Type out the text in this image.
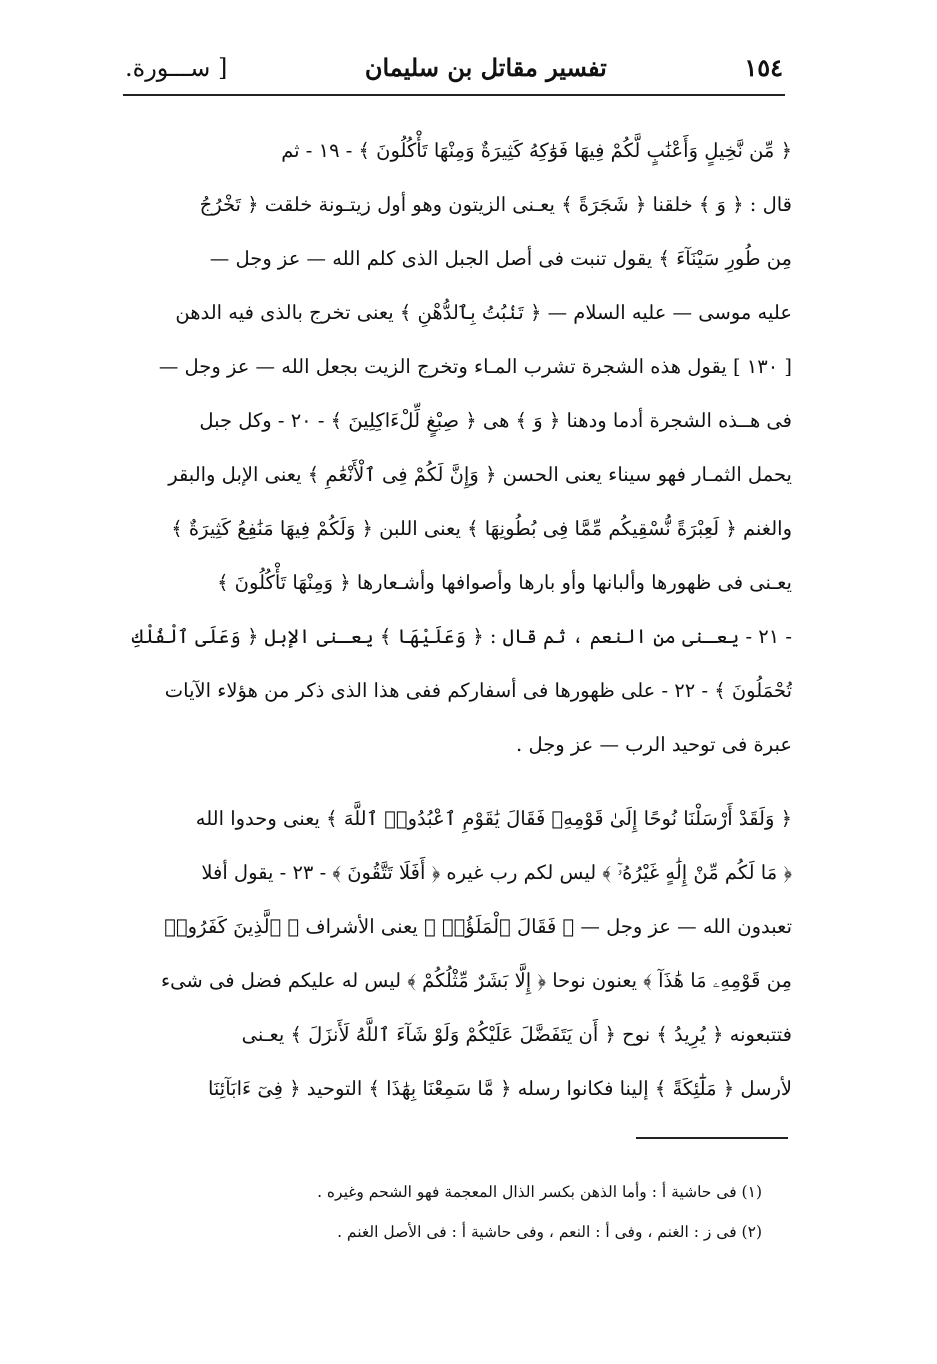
١٥٤
تفسير مقاتل بن سليمان
[ ســـورة.
﴿ مِّن نَّخِيلٍ وَأَعْنَٰبٍ لَّكُمْ فِيهَا فَوَٰكِهُ كَثِيرَةٌ وَمِنْهَا تَأْكُلُونَ ﴾ - ١٩ - ثم
قال : ﴿ وَ ﴾ خلقنا ﴿ شَجَرَةً ﴾ يعـنى الزيتون وهو أول زيتـونة خلقت ﴿ تَخْرُجُ
مِن طُورِ سَيْنَآءَ ﴾ يقول تنبت فى أصل الجبل الذى كلم الله — عز وجل —
عليه موسى — عليه السلام — ﴿ تَنۢبُتُ بِٱلدُّهْنِ ﴾ يعنى تخرج بالذى فيه الدهن
[ ١٣٠ ] يقول هذه الشجرة تشرب المـاء وتخرج الزيت بجعل الله — عز وجل —
فى هــذه الشجرة أدما ودهنا ﴿ وَ ﴾ هى ﴿ صِبْغٍ لِّلْءَاكِلِينَ ﴾ - ٢٠ - وكل جبل
يحمل الثمـار فهو سيناء يعنى الحسن ﴿ وَإِنَّ لَكُمْ فِى ٱلْأَنْعَٰمِ ﴾ يعنى الإبل والبقر
والغنم ﴿ لَعِبْرَةً نُّسْقِيكُم مِّمَّا فِى بُطُونِهَا ﴾ يعنى اللبن ﴿ وَلَكُمْ فِيهَا مَنَٰفِعُ كَثِيرَةٌ ﴾
يعـنى فى ظهورها وألبانها وأو بارها وأصوافها وأشـعارها ﴿ وَمِنْهَا تَأْكُلُونَ ﴾
- ٢١ - يعـنى من النعم ، ثم قال : ﴿ وَعَلَيْهَا ﴾ يعـنى الإبل ﴿ وَعَلَى ٱلْفُلْكِ
تُحْمَلُونَ ﴾ - ٢٢ - على ظهورها فى أسفاركم ففى هذا الذى ذكر من هؤلاء الآيات
عبرة فى توحيد الرب — عز وجل .
﴿ وَلَقَدْ أَرْسَلْنَا نُوحًا إِلَىٰ قَوْمِهِۦ فَقَالَ يَٰقَوْمِ ٱعْبُدُوا۟ ٱللَّهَ ﴾ يعنى وحدوا الله
﴿ مَا لَكُم مِّنْ إِلَٰهٍ غَيْرُهُۥٓ ﴾ ليس لكم رب غيره ﴿ أَفَلَا تَتَّقُونَ ﴾ - ٢٣ - يقول أفلا
تعبدون الله — عز وجل — ﴿ فَقَالَ ٱلْمَلَؤُا۟ ﴾ يعنى الأشراف ﴿ ٱلَّذِينَ كَفَرُوا۟
مِن قَوْمِهِۦ مَا هَٰذَآ ﴾ يعنون نوحا ﴿ إِلَّا بَشَرٌ مِّثْلُكُمْ ﴾ ليس له عليكم فضل فى شىء
فتتبعونه ﴿ يُرِيدُ ﴾ نوح ﴿ أَن يَتَفَضَّلَ عَلَيْكُمْ وَلَوْ شَآءَ ٱللَّهُ لَأَنزَلَ ﴾ يعـنى
لأرسل ﴿ مَلَٰٓئِكَةً ﴾ إلينا فكانوا رسله ﴿ مَّا سَمِعْنَا بِهَٰذَا ﴾ التوحيد ﴿ فِىٓ ءَابَآئِنَا
(١) فى حاشية أ : وأما الذهن بكسر الذال المعجمة فهو الشحم وغيره .
(٢) فى ز : الغنم ، وفى أ : النعم ، وفى حاشية أ : فى الأصل الغنم .
